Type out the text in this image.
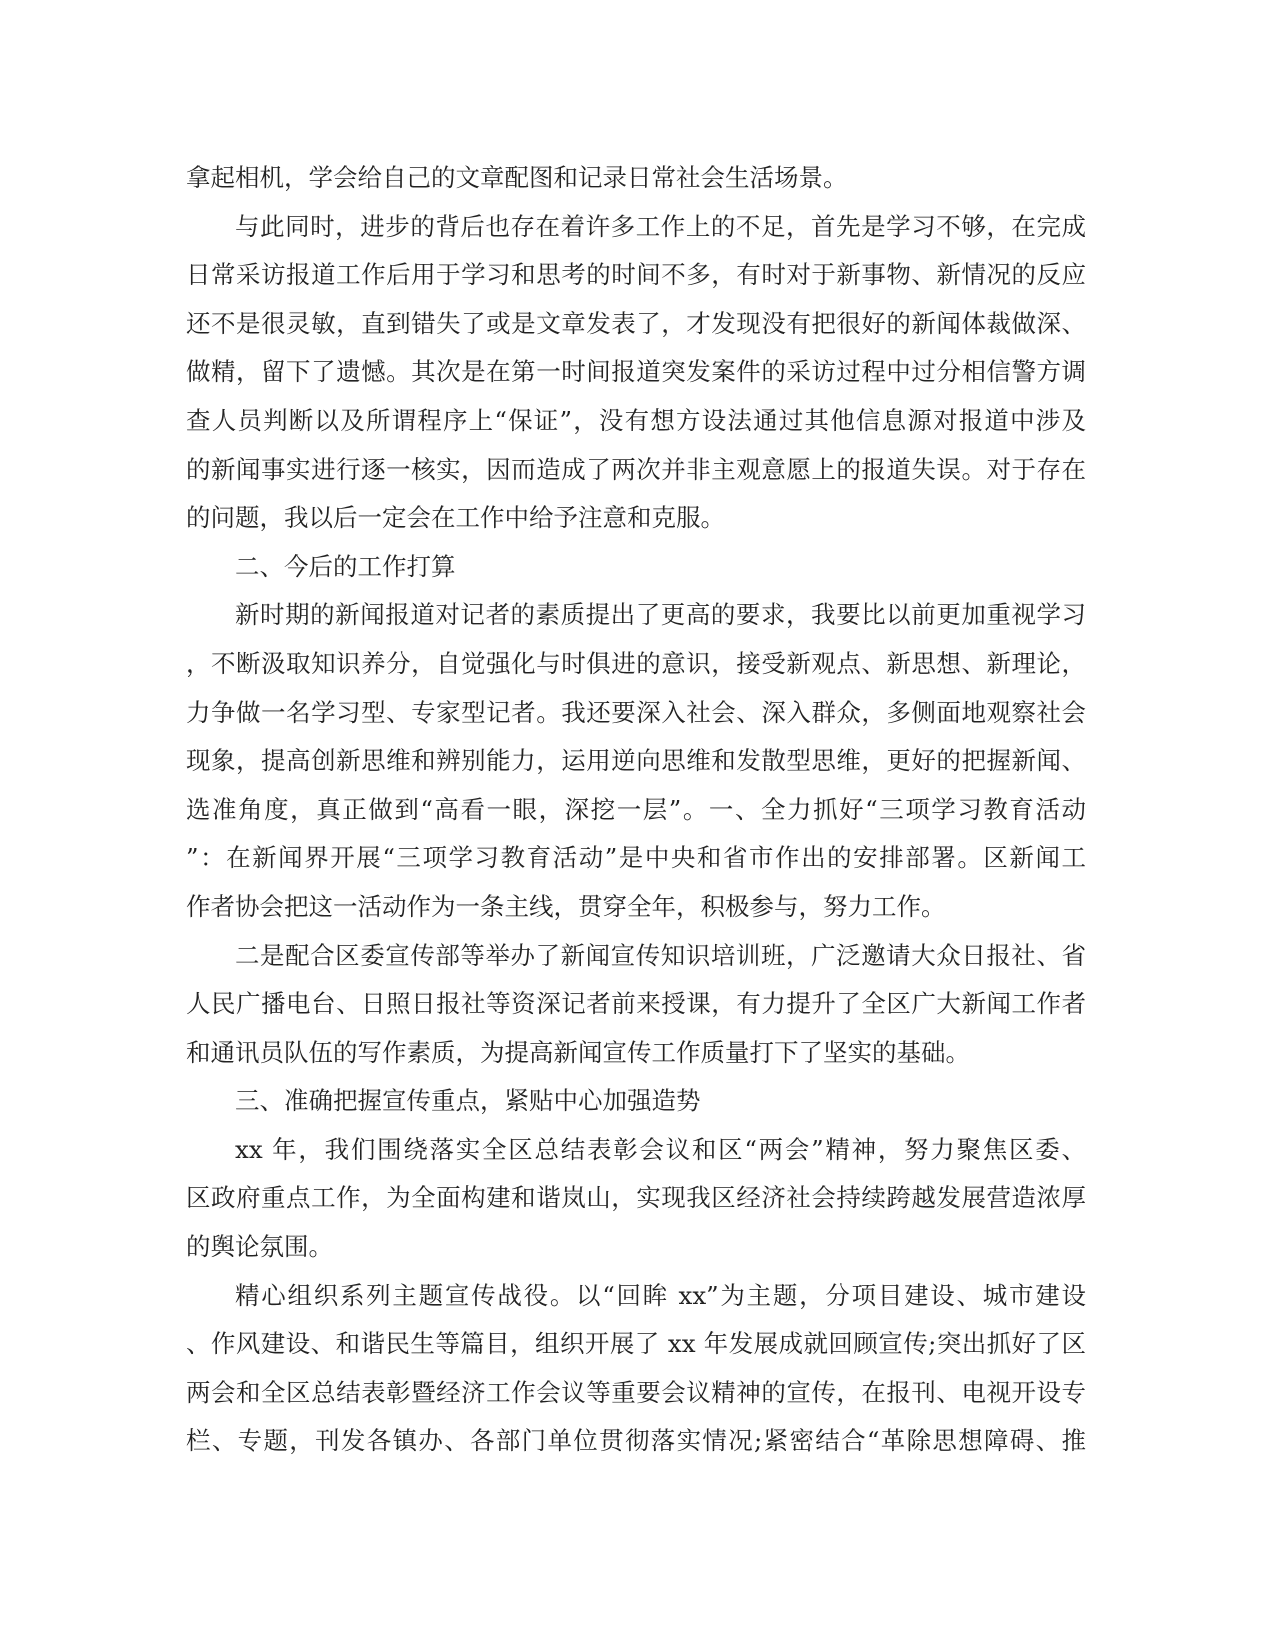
拿起相机，学会给自己的文章配图和记录日常社会生活场景。
与此同时，进步的背后也存在着许多工作上的不足，首先是学习不够，在完成
日常采访报道工作后用于学习和思考的时间不多，有时对于新事物、新情况的反应
还不是很灵敏，直到错失了或是文章发表了，才发现没有把很好的新闻体裁做深、
做精，留下了遗憾。其次是在第一时间报道突发案件的采访过程中过分相信警方调
查人员判断以及所谓程序上“保证”，没有想方设法通过其他信息源对报道中涉及
的新闻事实进行逐一核实，因而造成了两次并非主观意愿上的报道失误。对于存在
的问题，我以后一定会在工作中给予注意和克服。
二、今后的工作打算
新时期的新闻报道对记者的素质提出了更高的要求，我要比以前更加重视学习
，不断汲取知识养分，自觉强化与时俱进的意识，接受新观点、新思想、新理论，
力争做一名学习型、专家型记者。我还要深入社会、深入群众，多侧面地观察社会
现象，提高创新思维和辨别能力，运用逆向思维和发散型思维，更好的把握新闻、
选准角度，真正做到“高看一眼，深挖一层”。一、全力抓好“三项学习教育活动
”：在新闻界开展“三项学习教育活动”是中央和省市作出的安排部署。区新闻工
作者协会把这一活动作为一条主线，贯穿全年，积极参与，努力工作。
二是配合区委宣传部等举办了新闻宣传知识培训班，广泛邀请大众日报社、省
人民广播电台、日照日报社等资深记者前来授课，有力提升了全区广大新闻工作者
和通讯员队伍的写作素质，为提高新闻宣传工作质量打下了坚实的基础。
三、准确把握宣传重点，紧贴中心加强造势
xx 年，我们围绕落实全区总结表彰会议和区“两会”精神，努力聚焦区委、
区政府重点工作，为全面构建和谐岚山，实现我区经济社会持续跨越发展营造浓厚
的舆论氛围。
精心组织系列主题宣传战役。以“回眸 xx”为主题，分项目建设、城市建设
、作风建设、和谐民生等篇目，组织开展了 xx 年发展成就回顾宣传;突出抓好了区
两会和全区总结表彰暨经济工作会议等重要会议精神的宣传，在报刊、电视开设专
栏、专题，刊发各镇办、各部门单位贯彻落实情况;紧密结合“革除思想障碍、推
